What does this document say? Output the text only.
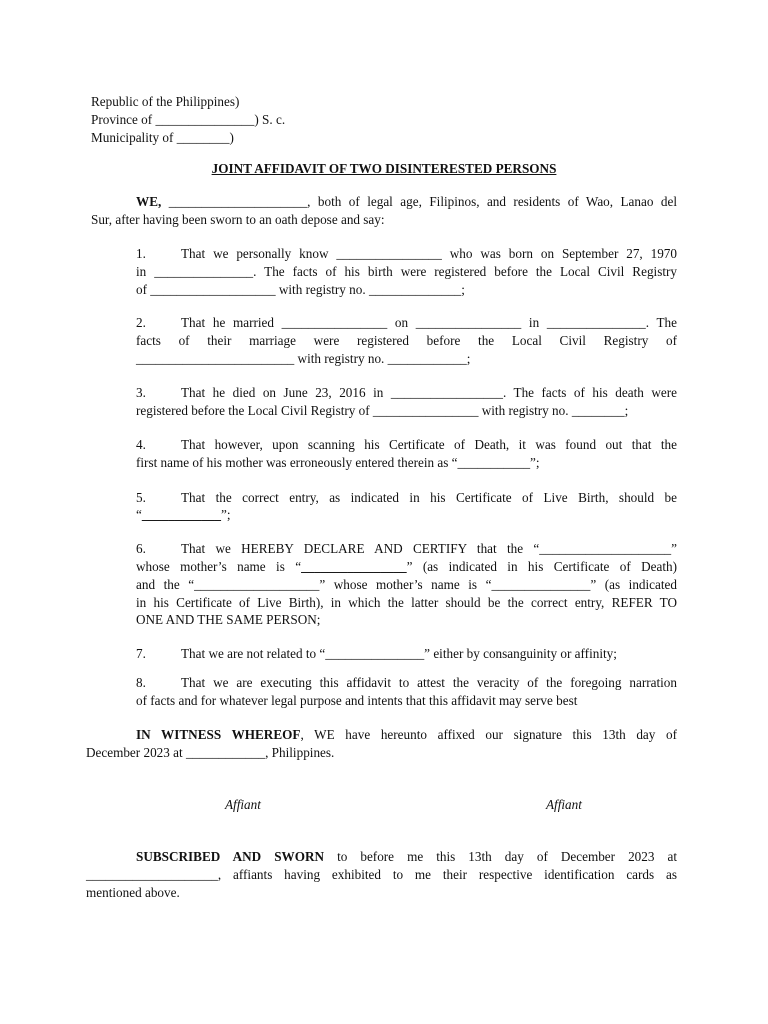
Republic of the Philippines)
Province of _______________) S. c.
Municipality of ________)
JOINT AFFIDAVIT OF TWO DISINTERESTED PERSONS
WE, _____________________, both of legal age, Filipinos, and residents of Wao, Lanao del
Sur, after having been sworn to an oath depose and say:
1.	That we personally know ________________ who was born on September 27, 1970
in _______________. The facts of his birth were registered before the Local Civil Registry
of ___________________ with registry no. ______________;
2.	That he married ________________ on ________________ in _______________. The
facts of their marriage were registered before the Local Civil Registry of
________________________ with registry no. ____________;
3.	That he died on June 23, 2016 in _________________. The facts of his death were
registered before the Local Civil Registry of ________________ with registry no. ________;
4.	That however, upon scanning his Certificate of Death, it was found out that the
first name of his mother was erroneously entered therein as “___________”;
5.	That the correct entry, as indicated in his Certificate of Live Birth, should be
“____________”;
6.	That we HEREBY DECLARE AND CERTIFY that the “____________________”
whose mother’s name is “________________” (as indicated in his Certificate of Death)
and the “___________________” whose mother’s name is “_______________” (as indicated
in his Certificate of Live Birth), in which the latter should be the correct entry, REFER TO
ONE AND THE SAME PERSON;
7.	That we are not related to “_______________” either by consanguinity or affinity;
8.	That we are executing this affidavit to attest the veracity of the foregoing narration
of facts and for whatever legal purpose and intents that this affidavit may serve best
IN WITNESS WHEREOF, WE have hereunto affixed our signature this 13th day of
December 2023 at ____________, Philippines.
Affiant	Affiant
SUBSCRIBED AND SWORN to before me this 13th day of December 2023 at
____________________, affiants having exhibited to me their respective identification cards as
mentioned above.
